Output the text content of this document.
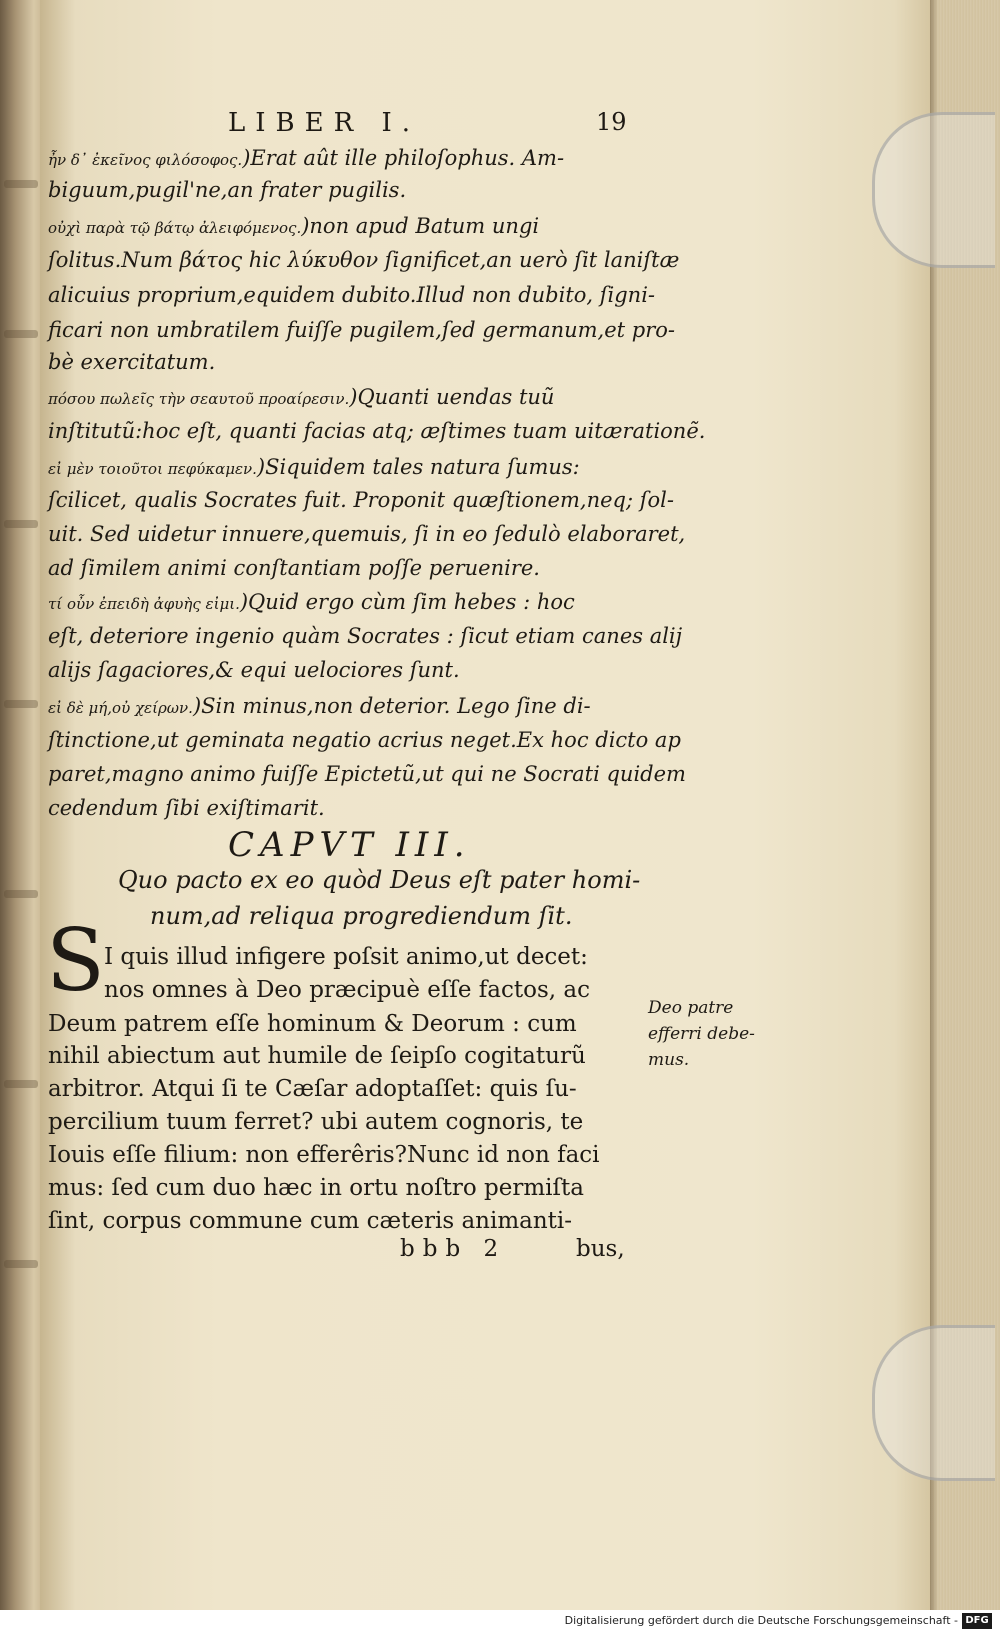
LIBER I.	19
ἦν δ᾽ ἐκεῖνος φιλόσοφος.)Erat aût ille philoſophus. Am-
biguum,pugil'ne,an frater pugilis.
οὐχὶ παρὰ τῷ βάτῳ ἀλειφόμενος.)non apud Batum ungi
ſolitus.Num βάτος hic λύκυθον ſignificet,an uerò ſit laniſtæ
alicuius proprium,equidem dubito.Illud non dubito, ſigni-
ficari non umbratilem fuiſſe pugilem,ſed germanum,et pro-
bè exercitatum.
πόσου πωλεῖς τὴν σεαυτοῦ προαίρεσιν.)Quanti uendas tuũ
inſtitutũ:hoc eſt, quanti facias atq; æſtimes tuam uitærationẽ.
εἰ μὲν τοιοῦτοι πεφύκαμεν.)Siquidem tales natura ſumus:
ſcilicet, qualis Socrates fuit. Proponit quæſtionem,neq; ſol-
uit. Sed uidetur innuere,quemuis, ſi in eo ſedulò elaboraret,
ad ſimilem animi conſtantiam poſſe peruenire.
τί οὖν ἐπειδὴ ἀφυὴς εἰμι.)Quid ergo cùm ſim hebes : hoc
eſt, deteriore ingenio quàm Socrates : ſicut etiam canes alij
alijs ſagaciores,& equi uelociores ſunt.
εἰ δὲ μή,οὐ χείρων.)Sin minus,non deterior. Lego ſine di-
ſtinctione,ut geminata negatio acrius neget.Ex hoc dicto ap
paret,magno animo fuiſſe Epictetũ,ut qui ne Socrati quidem
cedendum ſibi exiſtimarit.
CAPVT III.
Quo pacto ex eo quòd Deus eſt pater homi-
num,ad reliqua progrediendum ſit.
S I quis illud infigere poſsit animo,ut decet:
nos omnes à Deo præcipuè eſſe factos, ac
Deum patrem eſſe hominum & Deorum : cum
nihil abiectum aut humile de ſeipſo cogitaturũ
arbitror. Atqui ſi te Cæſar adoptaſſet: quis ſu-
percilium tuum ferret? ubi autem cognoris, te
Iouis eſſe filium: non efferêris?Nunc id non faci
mus: ſed cum duo hæc in ortu noſtro permiſta
ſint, corpus commune cum cæteris animanti-
Deo patre
efferri debe-
mus.
bbb 2	bus,
Digitalisierung gefördert durch die Deutsche Forschungsgemeinschaft - DFG
